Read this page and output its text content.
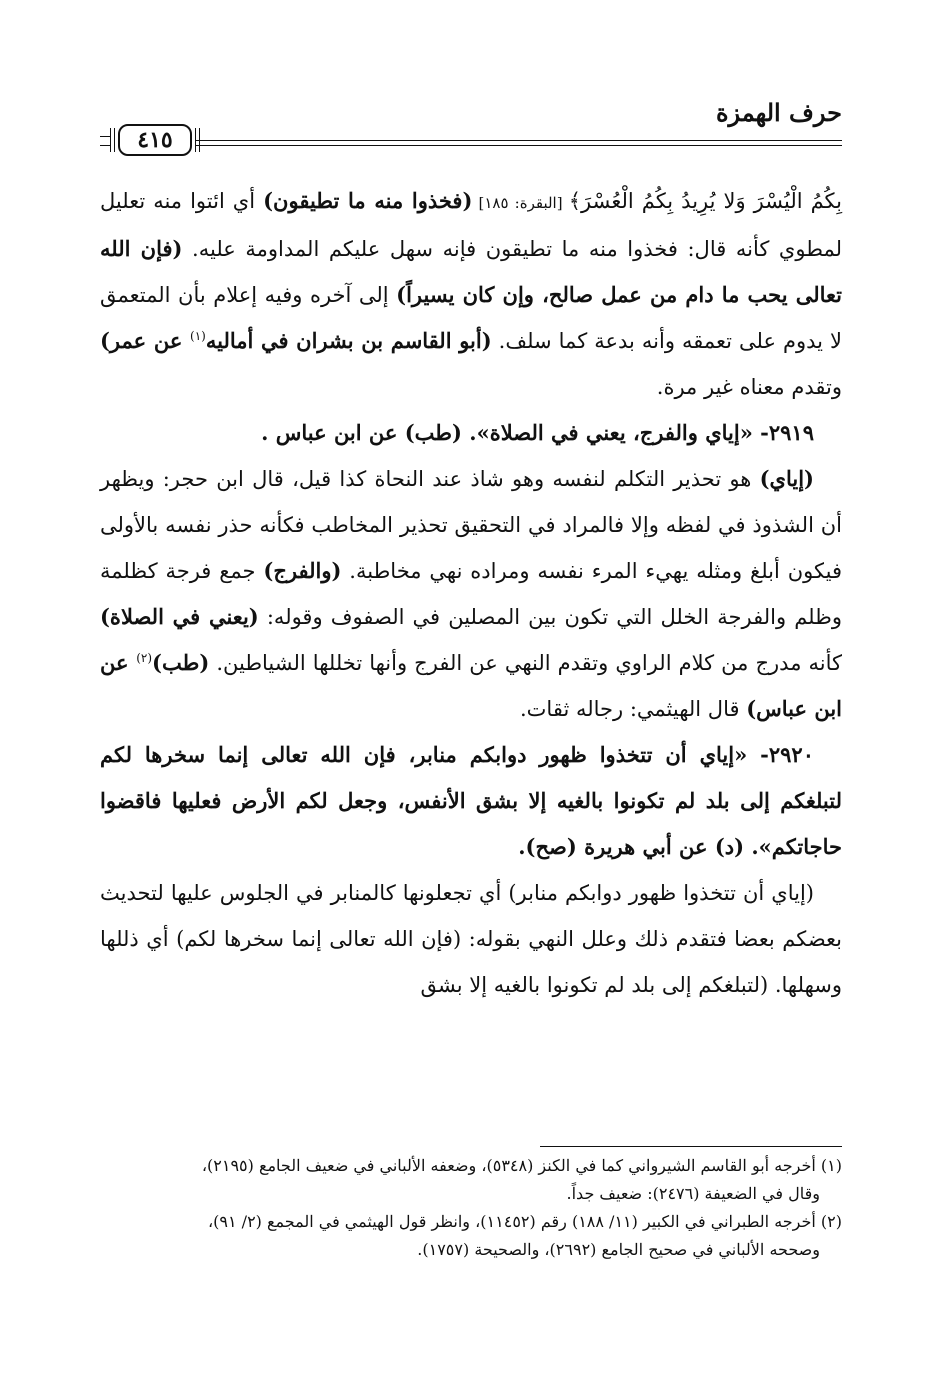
حرف الهمزة
٤١٥

بِكُمُ الْيُسْرَ وَلا يُرِيدُ بِكُمُ الْعُسْرَ﴾ [البقرة: ١٨٥] (فخذوا منه ما تطيقون) أي ائتوا منه تعليل لمطوي كأنه قال: فخذوا منه ما تطيقون فإنه سهل عليكم المداومة عليه. (فإن الله تعالى يحب ما دام من عمل صالح، وإن كان يسيراً) إلى آخره وفيه إعلام بأن المتعمق لا يدوم على تعمقه وأنه بدعة كما سلف. (أبو القاسم بن بشران في أماليه$^{(١)}$ عن عمر) وتقدم معناه غير مرة.

٢٩١٩- «إياي والفرج، يعني في الصلاة». (طب) عن ابن عباس .

(إياي) هو تحذير التكلم لنفسه وهو شاذ عند النحاة كذا قيل، قال ابن حجر: ويظهر أن الشذوذ في لفظه وإلا فالمراد في التحقيق تحذير المخاطب فكأنه حذر نفسه بالأولى فيكون أبلغ ومثله يهيء المرء نفسه ومراده نهي مخاطبة. (والفرج) جمع فرجة كظلمة وظلم والفرجة الخلل التي تكون بين المصلين في الصفوف وقوله: (يعني في الصلاة) كأنه مدرج من كلام الراوي وتقدم النهي عن الفرج وأنها تخللها الشياطين. (طب)$^{(٢)}$ عن ابن عباس) قال الهيثمي: رجاله ثقات.

٢٩٢٠- «إياي أن تتخذوا ظهور دوابكم منابر، فإن الله تعالى إنما سخرها لكم لتبلغكم إلى بلد لم تكونوا بالغيه إلا بشق الأنفس، وجعل لكم الأرض فعليها فاقضوا حاجاتكم». (د) عن أبي هريرة (صح).

(إياي أن تتخذوا ظهور دوابكم منابر) أي تجعلونها كالمنابر في الجلوس عليها لتحديث بعضكم بعضا فتقدم ذلك وعلل النهي بقوله: (فإن الله تعالى إنما سخرها لكم) أي ذللها وسهلها. (لتبلغكم إلى بلد لم تكونوا بالغيه إلا بشق

(١) أخرجه أبو القاسم الشيرواني كما في الكنز (٥٣٤٨)، وضعفه الألباني في ضعيف الجامع (٢١٩٥)،

وقال في الضعيفة (٢٤٧٦): ضعيف جداً.

(٢) أخرجه الطبراني في الكبير (١١/ ١٨٨) رقم (١١٤٥٢)، وانظر قول الهيثمي في المجمع (٢/ ٩١)،

وصححه الألباني في صحيح الجامع (٢٦٩٢)، والصحيحة (١٧٥٧).
